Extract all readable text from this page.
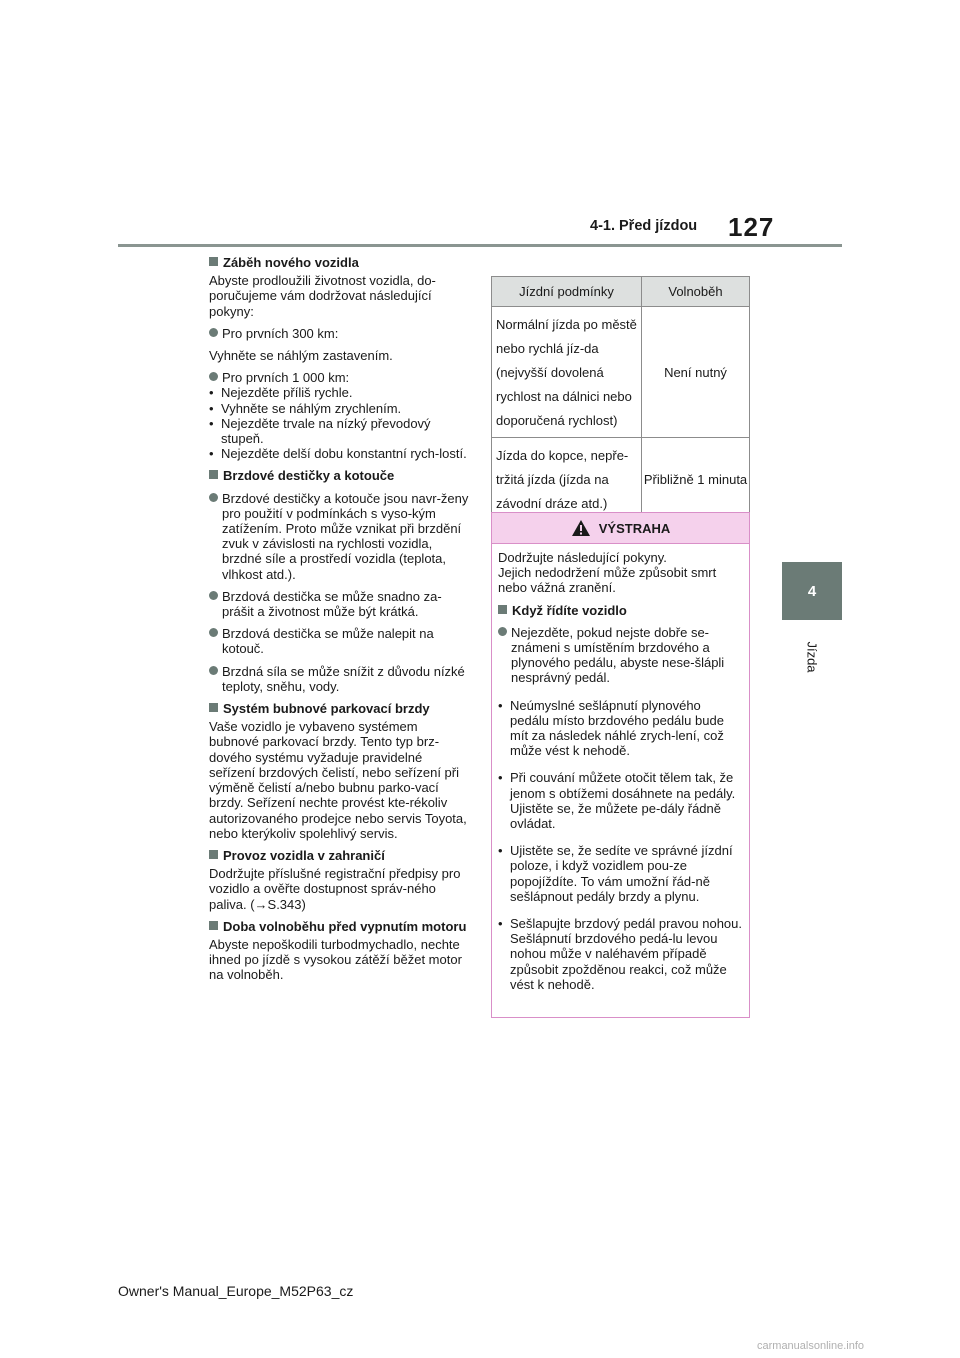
4-1. Před jízdou 127
4
Jízda

Záběh nového vozidla

Abyste prodloužili životnost vozidla, do-poručujeme vám dodržovat následující pokyny:

Pro prvních 300 km:

Vyhněte se náhlým zastavením.

Pro prvních 1 000 km:

• Nejezděte příliš rychle.

• Vyhněte se náhlým zrychlením.

• Nejezděte trvale na nízký převodový stupeň.

• Nejezděte delší dobu konstantní rych-lostí.

Brzdové destičky a kotouče

Brzdové destičky a kotouče jsou navr-ženy pro použití v podmínkách s vyso-kým zatížením. Proto může vznikat při brzdění zvuk v závislosti na rychlosti vozidla, brzdné síle a prostředí vozidla (teplota, vlhkost atd.).

Brzdová destička se může snadno za-prášit a životnost může být krátká.

Brzdová destička se může nalepit na kotouč.

Brzdná síla se může snížit z důvodu nízké teploty, sněhu, vody.

Systém bubnové parkovací brzdy

Vaše vozidlo je vybaveno systémem bubnové parkovací brzdy. Tento typ brz-dového systému vyžaduje pravidelné seřízení brzdových čelistí, nebo seřízení při výměně čelistí a/nebo bubnu parko-vací brzdy. Seřízení nechte provést kte-rékoliv autorizovaného prodejce nebo servis Toyota, nebo kterýkoliv spolehlivý servis.

Provoz vozidla v zahraničí

Dodržujte příslušné registrační předpisy pro vozidlo a ověřte dostupnost správ-ného paliva. (→S.343)

Doba volnoběhu před vypnutím motoru

Abyste nepoškodili turbodmychadlo, nechte ihned po jízdě s vysokou zátěží běžet motor na volnoběh.

Jízdní podmínky	Volnoběh
Normální jízda po městě nebo rychlá jíz-da (nejvyšší dovolená rychlost na dálnici nebo doporučená rychlost)	Není nutný
Jízda do kopce, nepře-tržitá jízda (jízda na závodní dráze atd.)	Přibližně 1 minuta
VÝSTRAHA

Dodržujte následující pokyny.

Jejich nedodržení může způsobit smrt nebo vážná zranění.

Když řídíte vozidlo

Nejezděte, pokud nejste dobře se-známeni s umístěním brzdového a plynového pedálu, abyste nese-šlápli nesprávný pedál.

• Neúmyslné sešlápnutí plynového pedálu místo brzdového pedálu bude mít za následek náhlé zrych-lení, což může vést k nehodě.

• Při couvání můžete otočit tělem tak, že jenom s obtížemi dosáhnete na pedály. Ujistěte se, že můžete pe-dály řádně ovládat.

• Ujistěte se, že sedíte ve správné jízdní poloze, i když vozidlem pou-ze popojíždíte. To vám umožní řád-ně sešlápnout pedály brzdy a plynu.

• Sešlapujte brzdový pedál pravou nohou. Sešlápnutí brzdového pedá-lu levou nohou může v naléhavém případě způsobit zpožděnou reakci, což může vést k nehodě.

Owner's Manual_Europe_M52P63_cz
carmanualsonline.info
